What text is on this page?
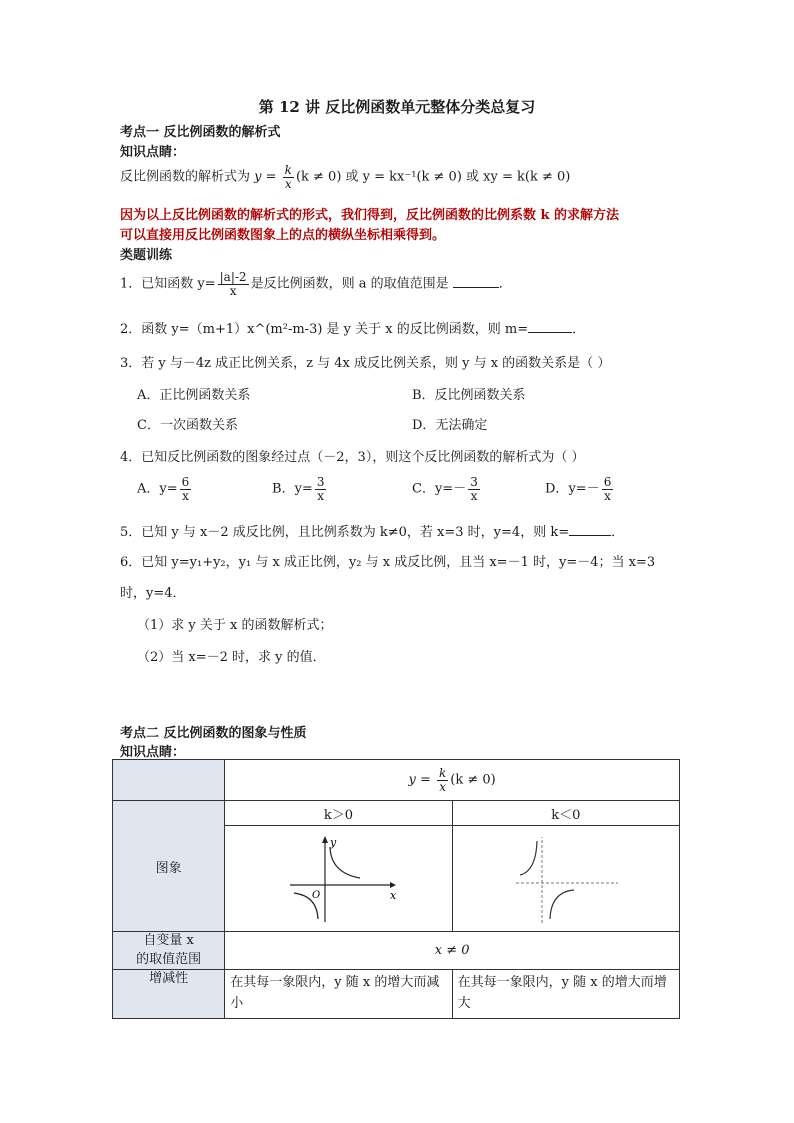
第 12 讲 反比例函数单元整体分类总复习
考点一 反比例函数的解析式
知识点睛：
反比例函数的解析式为 $y = \frac{k}{x} (k \ne 0)$ 或 y = kx⁻¹(k ≠ 0) 或 xy = k(k ≠ 0)
因为以上反比例函数的解析式的形式，我们得到，反比例函数的比例系数 k 的求解方法
可以直接用反比例函数图象上的点的横纵坐标相乘得到。
类题训练
1．已知函数 $y= \frac{|a|-2}{x}$ 是反比例函数，则 a 的取值范围是	．
2．函数 y=（m+1）x^(m²-m-3) 是 y 关于 x 的反比例函数，则 m=	．
3．若 y 与－4z 成正比例关系，z 与 4x 成反比例关系，则 y 与 x 的函数关系是（ ）
A．正比例函数关系	B．反比例函数关系
C．一次函数关系	D．无法确定
4．已知反比例函数的图象经过点（－2，3），则这个反比例函数的解析式为（ ）
A．$y= \frac{6}{x}$	B．$y= \frac{3}{x}$	C．$y=- \frac{3}{x}$	D．$y=- \frac{6}{x}$
5．已知 y 与 x－2 成反比例，且比例系数为 k≠0，若 x=3 时，y=4，则 k=	．
6．已知 y=y₁+y₂，y₁ 与 x 成正比例，y₂ 与 x 成反比例，且当 x=－1 时，y=－4；当 x=3
时，y=4．
（1）求 y 关于 x 的函数解析式；
（2）当 x=－2 时，求 y 的值．
考点二 反比例函数的图象与性质
知识点睛：
	$y = \frac{k}{x} (k \ne 0)$	
图象	k＞0	k＜0

y
x
O

自变量 x
的取值范围	x ≠ 0	
增减性	在其每一象限内，y 随 x 的增大而减小	在其每一象限内，y 随 x 的增大而增大
